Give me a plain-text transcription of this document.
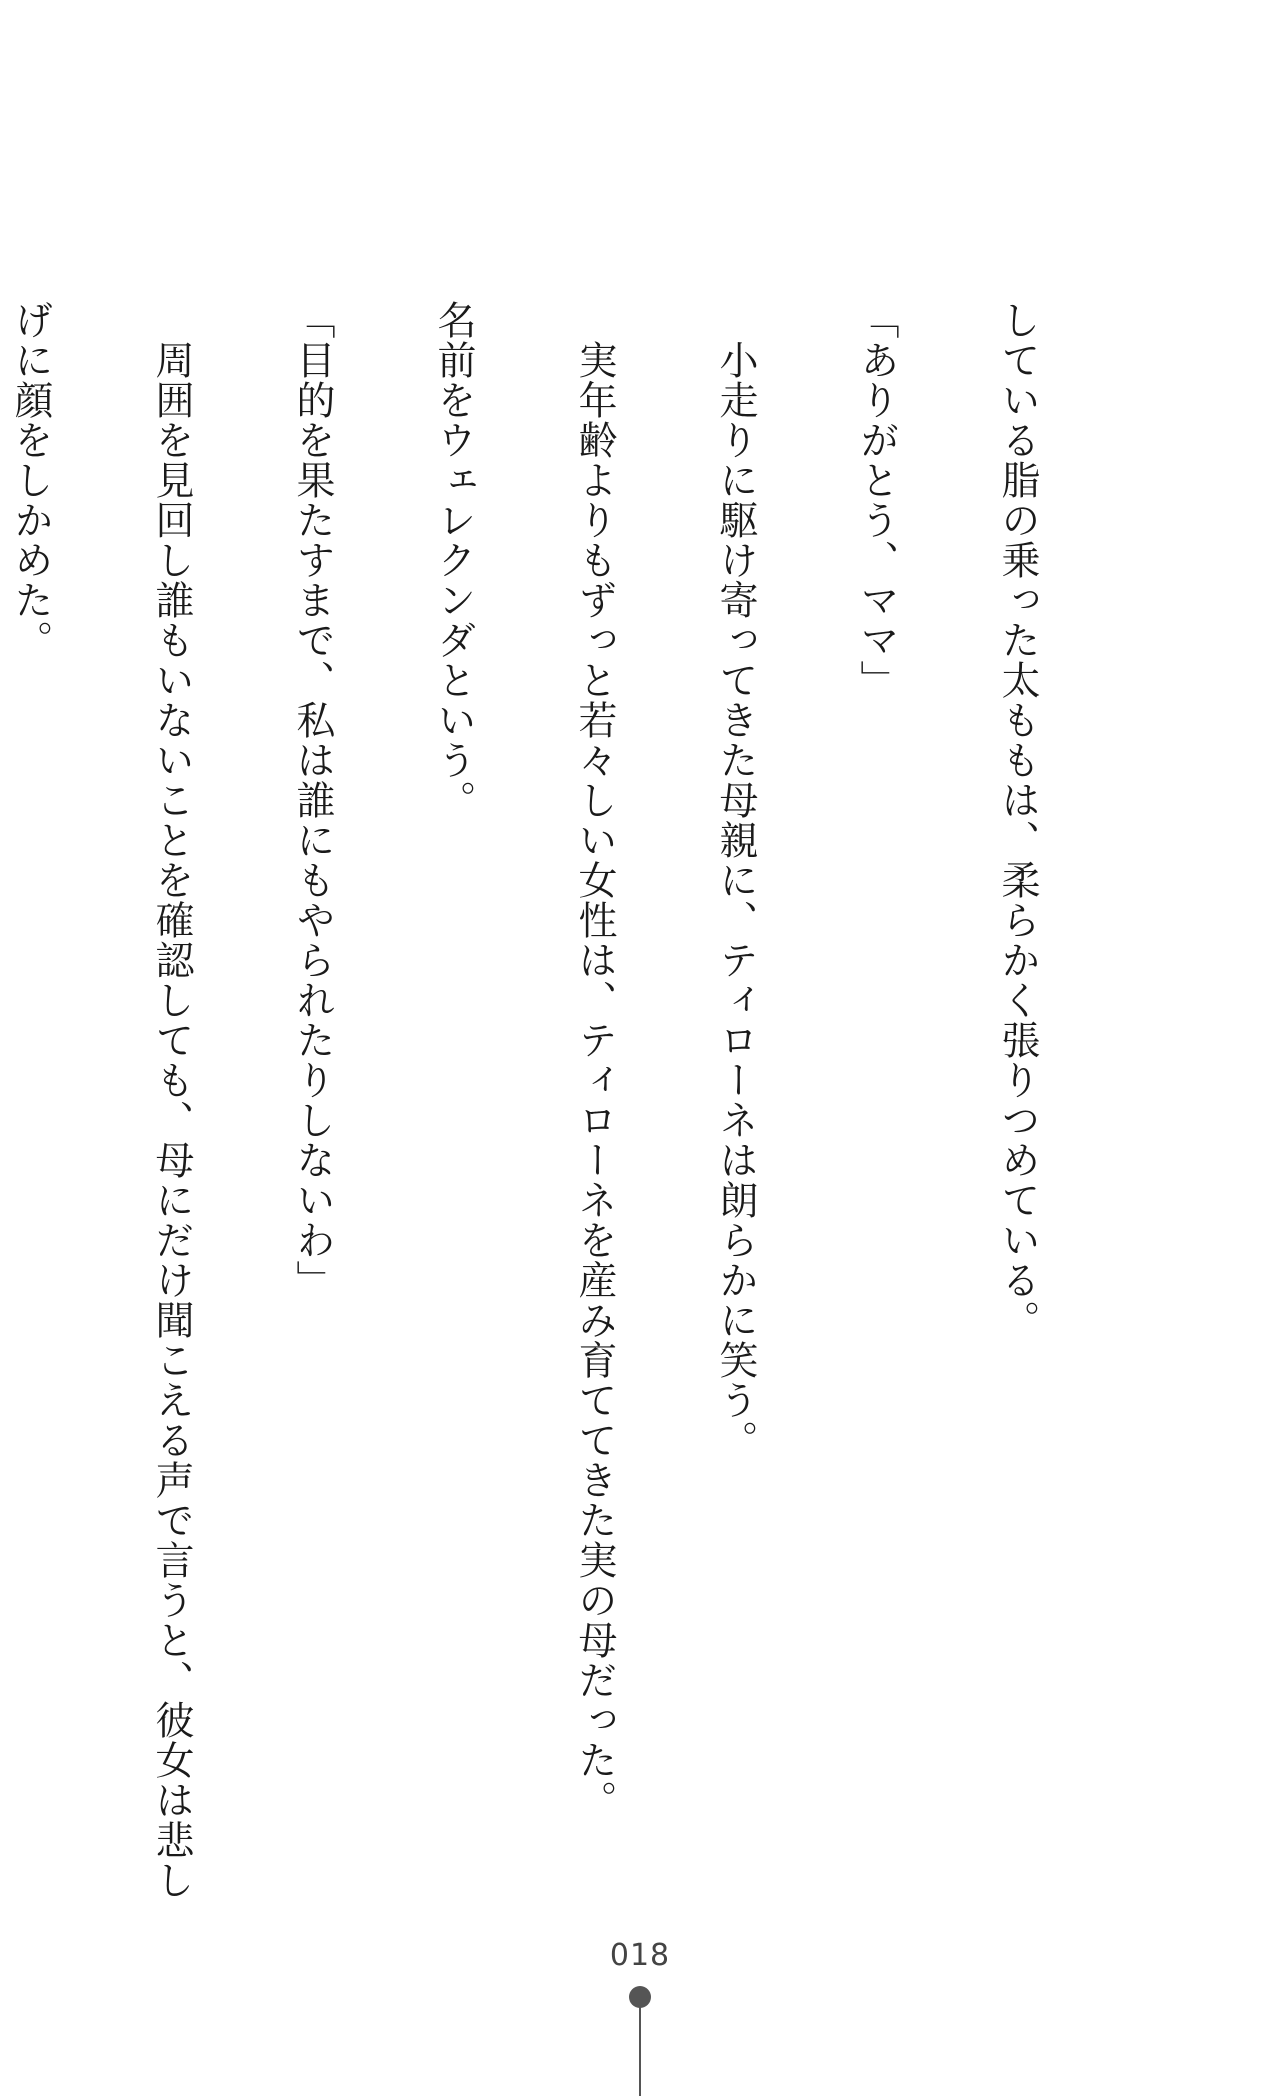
している脂の乗った太ももは、柔らかく張りつめている。

「ありがとう、ママ」

　小走りに駆け寄ってきた母親に、ティローネは朗らかに笑う。

　実年齢よりもずっと若々しい女性は、ティローネを産み育ててきた実の母だった。

名前をウェレクンダという。

「目的を果たすまで、私は誰にもやられたりしないわ」

　周囲を見回し誰もいないことを確認しても、母にだけ聞こえる声で言うと、彼女は悲し

げに顔をしかめた。

018
